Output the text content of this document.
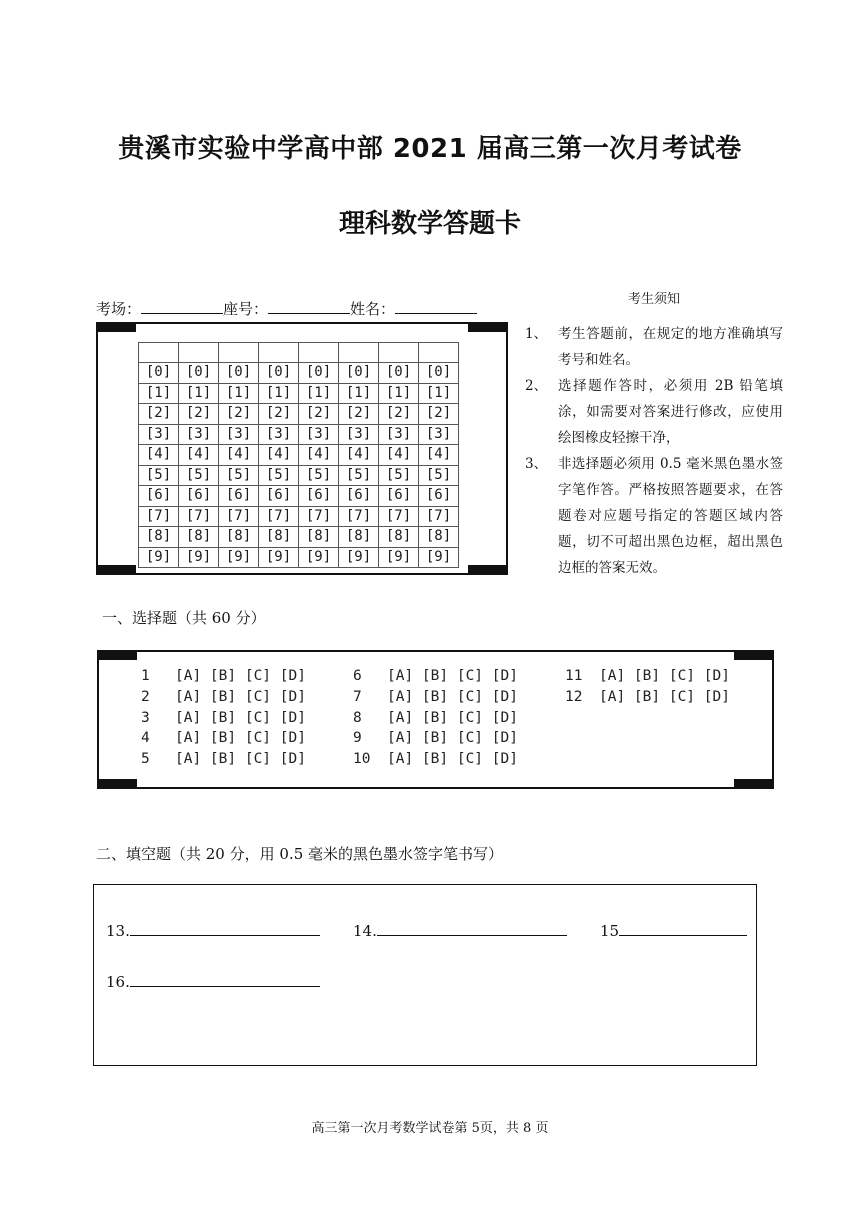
贵溪市实验中学高中部 2021 届高三第一次月考试卷
理科数学答题卡
考场：	座号：	姓名：

[0]	[0]	[0]	[0]	[0]	[0]	[0]	[0]
[1]	[1]	[1]	[1]	[1]	[1]	[1]	[1]
[2]	[2]	[2]	[2]	[2]	[2]	[2]	[2]
[3]	[3]	[3]	[3]	[3]	[3]	[3]	[3]
[4]	[4]	[4]	[4]	[4]	[4]	[4]	[4]
[5]	[5]	[5]	[5]	[5]	[5]	[5]	[5]
[6]	[6]	[6]	[6]	[6]	[6]	[6]	[6]
[7]	[7]	[7]	[7]	[7]	[7]	[7]	[7]
[8]	[8]	[8]	[8]	[8]	[8]	[8]	[8]
[9]	[9]	[9]	[9]	[9]	[9]	[9]	[9]
考生须知
1、 考生答题前，在规定的地方准确填写考号和姓名。
2、 选择题作答时，必须用 2B 铅笔填涂，如需要对答案进行修改，应使用绘图橡皮轻擦干净，
3、 非选择题必须用 0.5 毫米黑色墨水签字笔作答。严格按照答题要求，在答题卷对应题号指定的答题区域内答题，切不可超出黑色边框，超出黑色边框的答案无效。
一、选择题（共 60 分）
1 [A] [B] [C] [D]
2 [A] [B] [C] [D]
3 [A] [B] [C] [D]
4 [A] [B] [C] [D]
5 [A] [B] [C] [D]
6 [A] [B] [C] [D]
7 [A] [B] [C] [D]
8 [A] [B] [C] [D]
9 [A] [B] [C] [D]
10 [A] [B] [C] [D]
11 [A] [B] [C] [D]
12 [A] [B] [C] [D]
二、填空题（共 20 分，用 0.5 毫米的黑色墨水签字笔书写）
13.	14.	15
16.
高三第一次月考数学试卷第 5页，共 8 页
